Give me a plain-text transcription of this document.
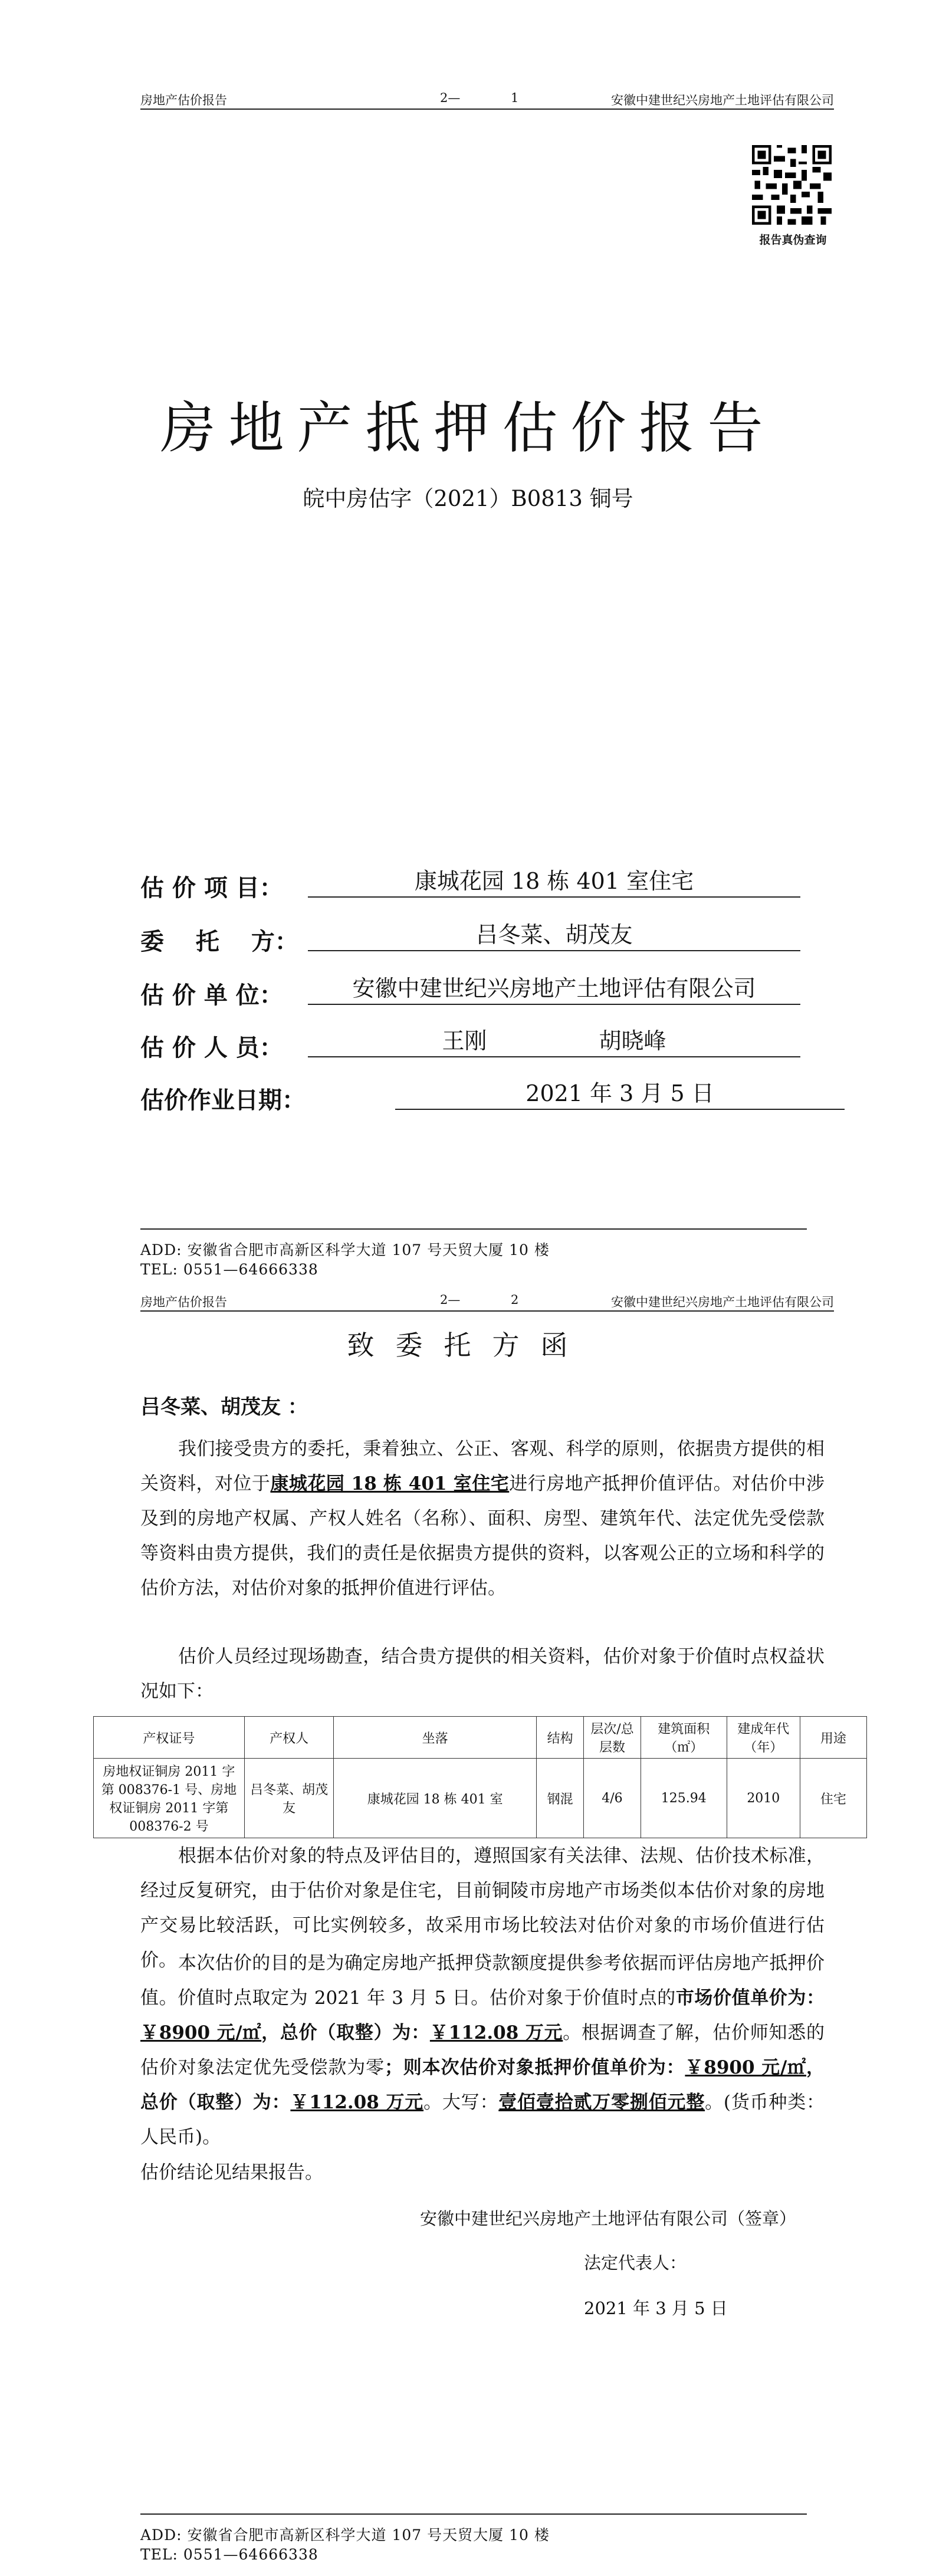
房地产估价报告	2—	1	安徽中建世纪兴房地产土地评估有限公司
报告真伪查询
房地产抵押估价报告
皖中房估字（2021）B0813 铜号
估 价 项 目：	康城花园 18 栋 401 室住宅
委　 托　 方：	吕冬菜、胡茂友
估 价 单 位：	安徽中建世纪兴房地产土地评估有限公司
估 价 人 员：	王刚　　　　　胡晓峰
估价作业日期：	2021 年 3 月 5 日
ADD: 安徽省合肥市高新区科学大道 107 号天贸大厦 10 楼
TEL: 0551—64666338
房地产估价报告	2—	2	安徽中建世纪兴房地产土地评估有限公司
致委托方函
吕冬菜、胡茂友 ：

我们接受贵方的委托，秉着独立、公正、客观、科学的原则，依据贵方提供的相关资料，对位于康城花园 18 栋 401 室住宅进行房地产抵押价值评估。对估价中涉及到的房地产权属、产权人姓名（名称）、面积、房型、建筑年代、法定优先受偿款等资料由贵方提供，我们的责任是依据贵方提供的资料，以客观公正的立场和科学的估价方法，对估价对象的抵押价值进行评估。

估价人员经过现场勘查，结合贵方提供的相关资料，估价对象于价值时点权益状况如下：

产权证号	产权人	坐落	结构	层次/总层数	建筑面积（㎡）	建成年代（年）	用途
房地权证铜房 2011 字第 008376-1 号、房地权证铜房 2011 字第 008376-2 号	吕冬菜、胡茂友	康城花园 18 栋 401 室	钢混	4/6	125.94	2010	住宅

根据本估价对象的特点及评估目的，遵照国家有关法律、法规、估价技术标准，经过反复研究，由于估价对象是住宅，目前铜陵市房地产市场类似本估价对象的房地产交易比较活跃，可比实例较多，故采用市场比较法对估价对象的市场价值进行估价。 本次估价的目的是为确定房地产抵押贷款额度提供参考依据而评估房地产抵押价值。价值时点取定为 2021 年 3 月 5 日。估价对象于价值时点的市场价值单价为：￥8900 元/㎡，总价（取整）为：￥112.08 万元。根据调查了解，估价师知悉的估价对象法定优先受偿款为零；则本次估价对象抵押价值单价为：￥8900 元/㎡，总价（取整）为：￥112.08 万元。大写：壹佰壹拾贰万零捌佰元整。(货币种类：人民币)。

估价结论见结果报告。

安徽中建世纪兴房地产土地评估有限公司（签章）
法定代表人：
2021 年 3 月 5 日
ADD: 安徽省合肥市高新区科学大道 107 号天贸大厦 10 楼
TEL: 0551—64666338
